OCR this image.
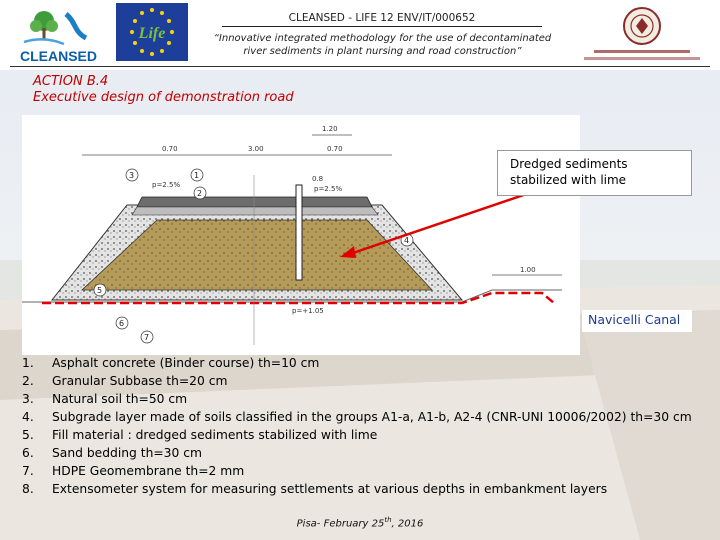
CLEANSED
Life
CLEANSED - LIFE 12 ENV/IT/000652
“Innovative integrated methodology for the use of decontaminated river sediments in plant nursing and road construction”
ACTION B.4
Executive design of demonstration road
1.20
0.70	3.00	0.70
1.00
p=+1.05
0.8
p=2.5%	p=2.5%
1
3
5
6
7
4
2
Dredged sediments stabilized with lime
Navicelli Canal
1.	Asphalt concrete (Binder course) th=10 cm
2.	Granular Subbase th=20 cm
3.	Natural soil th=50 cm
4.	Subgrade layer made of soils classified in the groups A1-a, A1-b, A2-4 (CNR-UNI 10006/2002) th=30 cm
5.	Fill material : dredged sediments stabilized with lime
6.	Sand bedding th=30 cm
7.	HDPE Geomembrane th=2 mm
8.	Extensometer system for measuring settlements at various depths in embankment layers
Pisa- February 25th, 2016
